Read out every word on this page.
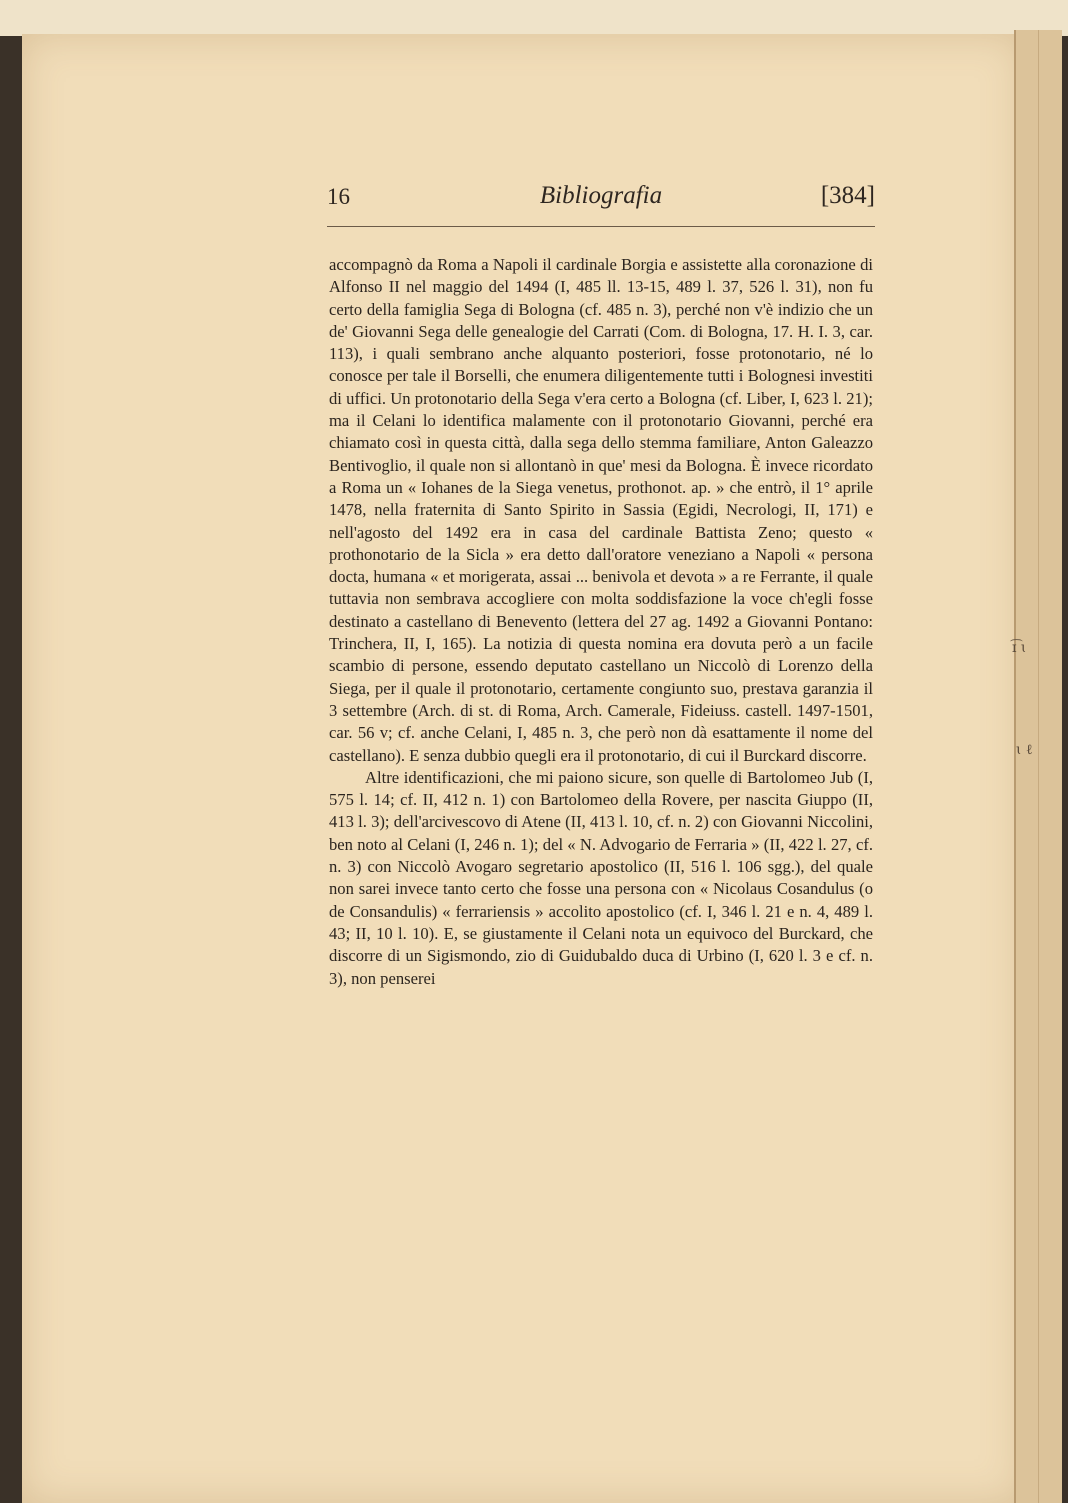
16	Bibliografia	[384]

accompagnò da Roma a Napoli il cardinale Borgia e assistette alla coronazione di Alfonso II nel maggio del 1494 (I, 485 ll. 13-15, 489 l. 37, 526 l. 31), non fu certo della famiglia Sega di Bologna (cf. 485 n. 3), perché non v'è indizio che un de' Giovanni Sega delle genealogie del Carrati (Com. di Bologna, 17. H. I. 3, car. 113), i quali sembrano anche alquanto posteriori, fosse protonotario, né lo conosce per tale il Borselli, che enumera diligentemente tutti i Bolognesi investiti di uffici. Un protonotario della Sega v'era certo a Bologna (cf. Liber, I, 623 l. 21); ma il Celani lo identifica malamente con il protonotario Giovanni, perché era chiamato così in questa città, dalla sega dello stemma familiare, Anton Galeazzo Bentivoglio, il quale non si allontanò in que' mesi da Bologna. È invece ricordato a Roma un « Iohanes de la Siega venetus, prothonot. ap. » che entrò, il 1° aprile 1478, nella fraternita di Santo Spirito in Sassia (Egidi, Necrologi, II, 171) e nell'agosto del 1492 era in casa del cardinale Battista Zeno; questo « prothonotario de la Sicla » era detto dall'oratore veneziano a Napoli « persona docta, humana « et morigerata, assai ... benivola et devota » a re Ferrante, il quale tuttavia non sembrava accogliere con molta soddisfazione la voce ch'egli fosse destinato a castellano di Benevento (lettera del 27 ag. 1492 a Giovanni Pontano: Trinchera, II, I, 165). La notizia di questa nomina era dovuta però a un facile scambio di persone, essendo deputato castellano un Niccolò di Lorenzo della Siega, per il quale il protonotario, certamente congiunto suo, prestava garanzia il 3 settembre (Arch. di st. di Roma, Arch. Camerale, Fideiuss. castell. 1497-1501, car. 56 v; cf. anche Celani, I, 485 n. 3, che però non dà esattamente il nome del castellano). E senza dubbio quegli era il protonotario, di cui il Burckard discorre.

Altre identificazioni, che mi paiono sicure, son quelle di Bartolomeo Jub (I, 575 l. 14; cf. II, 412 n. 1) con Bartolomeo della Rovere, per nascita Giuppo (II, 413 l. 3); dell'arcivescovo di Atene (II, 413 l. 10, cf. n. 2) con Giovanni Niccolini, ben noto al Celani (I, 246 n. 1); del « N. Advogario de Ferraria » (II, 422 l. 27, cf. n. 3) con Niccolò Avogaro segretario apostolico (II, 516 l. 106 sgg.), del quale non sarei invece tanto certo che fosse una persona con « Nicolaus Cosandulus (o de Consandulis) « ferrariensis » accolito apostolico (cf. I, 346 l. 21 e n. 4, 489 l. 43; II, 10 l. 10). E, se giustamente il Celani nota un equivoco del Burckard, che discorre di un Sigismondo, zio di Guidubaldo duca di Urbino (I, 620 l. 3 e cf. n. 3), non penserei

ɪ͡ ɩ
ɩ ℓ
